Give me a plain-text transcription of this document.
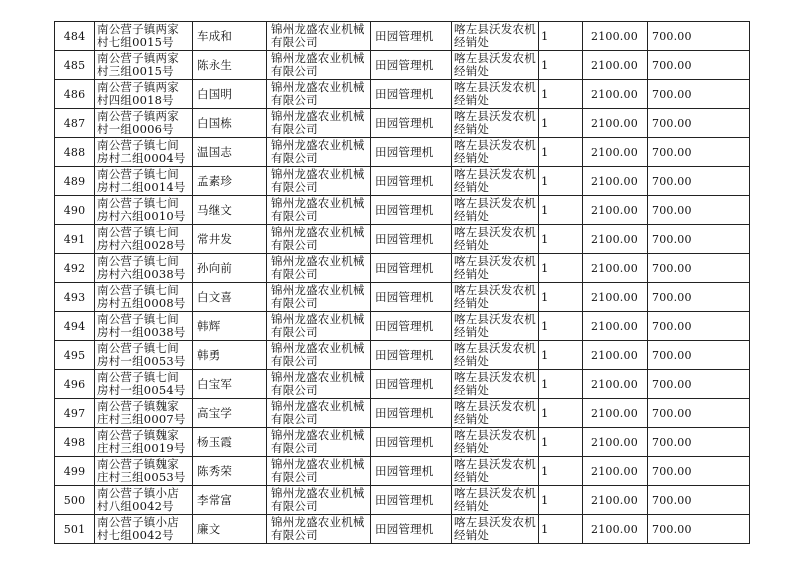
484	南公营子镇两家村七组0015号	车成和	锦州龙盛农业机械有限公司	田园管理机	喀左县沃发农机经销处	1	2100.00	700.00
485	南公营子镇两家村三组0015号	陈永生	锦州龙盛农业机械有限公司	田园管理机	喀左县沃发农机经销处	1	2100.00	700.00
486	南公营子镇两家村四组0018号	白国明	锦州龙盛农业机械有限公司	田园管理机	喀左县沃发农机经销处	1	2100.00	700.00
487	南公营子镇两家村一组0006号	白国栋	锦州龙盛农业机械有限公司	田园管理机	喀左县沃发农机经销处	1	2100.00	700.00
488	南公营子镇七间房村二组0004号	温国志	锦州龙盛农业机械有限公司	田园管理机	喀左县沃发农机经销处	1	2100.00	700.00
489	南公营子镇七间房村二组0014号	孟素珍	锦州龙盛农业机械有限公司	田园管理机	喀左县沃发农机经销处	1	2100.00	700.00
490	南公营子镇七间房村六组0010号	马继文	锦州龙盛农业机械有限公司	田园管理机	喀左县沃发农机经销处	1	2100.00	700.00
491	南公营子镇七间房村六组0028号	常井发	锦州龙盛农业机械有限公司	田园管理机	喀左县沃发农机经销处	1	2100.00	700.00
492	南公营子镇七间房村六组0038号	孙向前	锦州龙盛农业机械有限公司	田园管理机	喀左县沃发农机经销处	1	2100.00	700.00
493	南公营子镇七间房村五组0008号	白文喜	锦州龙盛农业机械有限公司	田园管理机	喀左县沃发农机经销处	1	2100.00	700.00
494	南公营子镇七间房村一组0038号	韩辉	锦州龙盛农业机械有限公司	田园管理机	喀左县沃发农机经销处	1	2100.00	700.00
495	南公营子镇七间房村一组0053号	韩勇	锦州龙盛农业机械有限公司	田园管理机	喀左县沃发农机经销处	1	2100.00	700.00
496	南公营子镇七间房村一组0054号	白宝军	锦州龙盛农业机械有限公司	田园管理机	喀左县沃发农机经销处	1	2100.00	700.00
497	南公营子镇魏家庄村三组0007号	高宝学	锦州龙盛农业机械有限公司	田园管理机	喀左县沃发农机经销处	1	2100.00	700.00
498	南公营子镇魏家庄村三组0019号	杨玉霞	锦州龙盛农业机械有限公司	田园管理机	喀左县沃发农机经销处	1	2100.00	700.00
499	南公营子镇魏家庄村三组0053号	陈秀荣	锦州龙盛农业机械有限公司	田园管理机	喀左县沃发农机经销处	1	2100.00	700.00
500	南公营子镇小店村八组0042号	李常富	锦州龙盛农业机械有限公司	田园管理机	喀左县沃发农机经销处	1	2100.00	700.00
501	南公营子镇小店村七组0042号	廉文	锦州龙盛农业机械有限公司	田园管理机	喀左县沃发农机经销处	1	2100.00	700.00
